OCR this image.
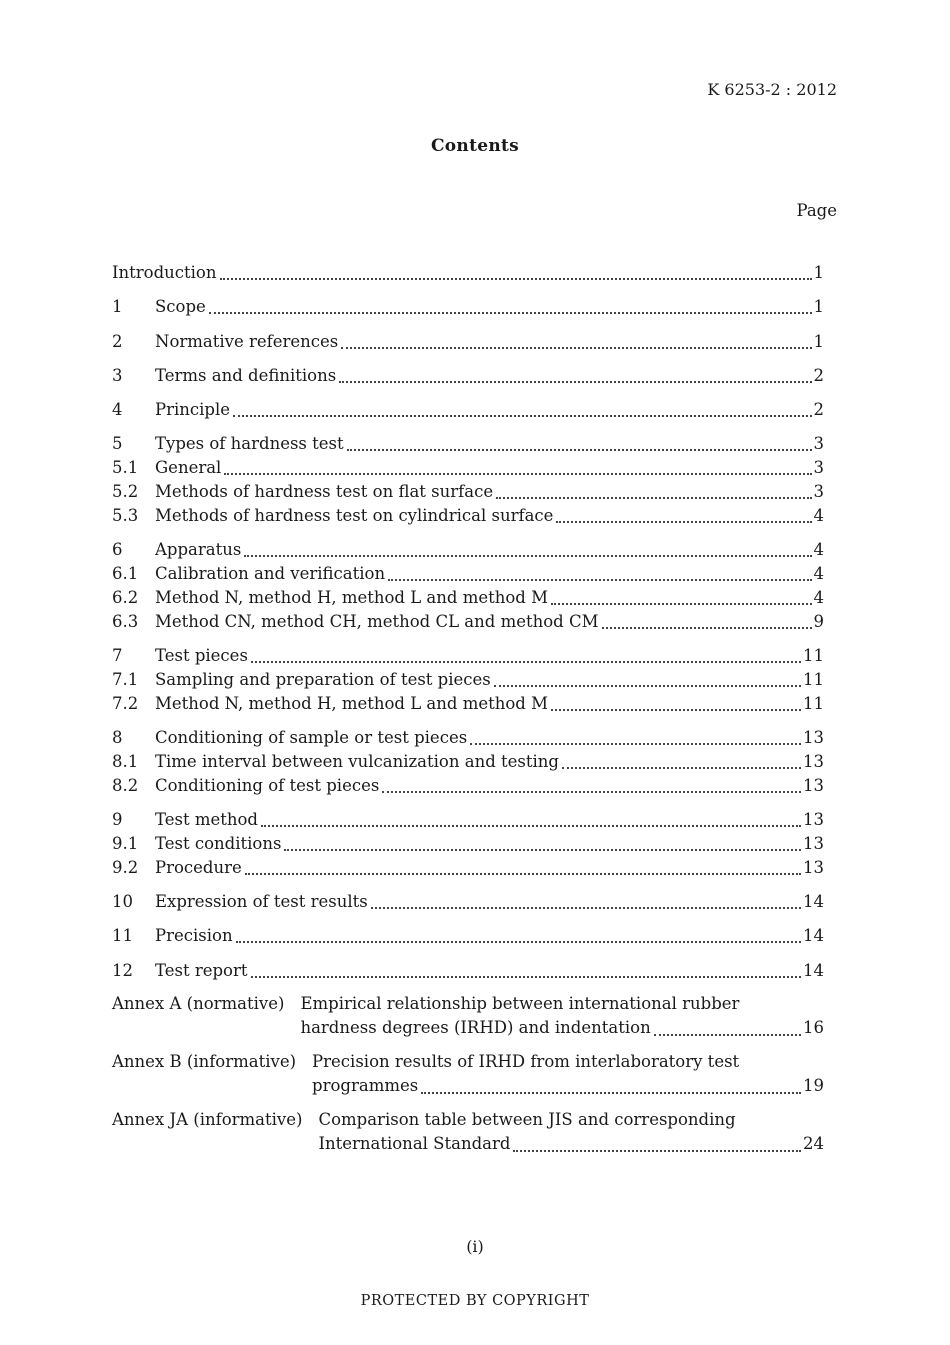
K 6253-2 : 2012
Contents
Page
Introduction	1
1	Scope	1
2	Normative references	1
3	Terms and definitions	2
4	Principle	2
5	Types of hardness test	3
5.1	General	3
5.2	Methods of hardness test on flat surface	3
5.3	Methods of hardness test on cylindrical surface	4
6	Apparatus	4
6.1	Calibration and verification	4
6.2	Method N, method H, method L and method M	4
6.3	Method CN, method CH, method CL and method CM	9
7	Test pieces	11
7.1	Sampling and preparation of test pieces	11
7.2	Method N, method H, method L and method M	11
8	Conditioning of sample or test pieces	13
8.1	Time interval between vulcanization and testing	13
8.2	Conditioning of test pieces	13
9	Test method	13
9.1	Test conditions	13
9.2	Procedure	13
10	Expression of test results	14
11	Precision	14
12	Test report	14
Annex A (normative) Empirical relationship between international rubber
hardness degrees (IRHD) and indentation	16
Annex B (informative) Precision results of IRHD from interlaboratory test
programmes	19
Annex JA (informative) Comparison table between JIS and corresponding
International Standard	24
(i)
PROTECTED BY COPYRIGHT
